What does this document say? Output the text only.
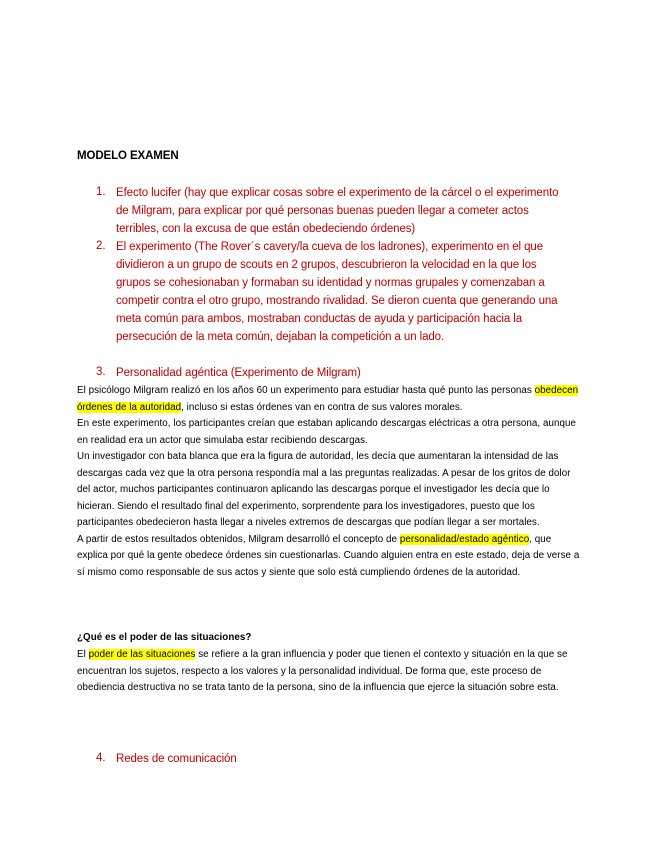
MODELO EXAMEN
1. Efecto lucifer (hay que explicar cosas sobre el experimento de la cárcel o el experimento de Milgram, para explicar por qué personas buenas pueden llegar a cometer actos terribles, con la excusa de que están obedeciendo órdenes)
2. El experimento (The Rover´s cavery/la cueva de los ladrones), experimento en el que dividieron a un grupo de scouts en 2 grupos, descubrieron la velocidad en la que los grupos se cohesionaban y formaban su identidad y normas grupales y comenzaban a competir contra el otro grupo, mostrando rivalidad. Se dieron cuenta que generando una meta común para ambos, mostraban conductas de ayuda y participación hacia la persecución de la meta común, dejaban la competición a un lado.
3. Personalidad agéntica (Experimento de Milgram)

El psicólogo Milgram realizó en los años 60 un experimento para estudiar hasta qué punto las personas obedecen órdenes de la autoridad, incluso si estas órdenes van en contra de sus valores morales.

En este experimento, los participantes creían que estaban aplicando descargas eléctricas a otra persona, aunque en realidad era un actor que simulaba estar recibiendo descargas.

Un investigador con bata blanca que era la figura de autoridad, les decía que aumentaran la intensidad de las descargas cada vez que la otra persona respondía mal a las preguntas realizadas. A pesar de los gritos de dolor del actor, muchos participantes continuaron aplicando las descargas porque el investigador les decía que lo hicieran. Siendo el resultado final del experimento, sorprendente para los investigadores, puesto que los participantes obedecieron hasta llegar a niveles extremos de descargas que podían llegar a ser mortales.

A partir de estos resultados obtenidos, Milgram desarrolló el concepto de personalidad/estado agéntico, que explica por qué la gente obedece órdenes sin cuestionarlas. Cuando alguien entra en este estado, deja de verse a sí mismo como responsable de sus actos y siente que solo está cumpliendo órdenes de la autoridad.

¿Qué es el poder de las situaciones?

El poder de las situaciones se refiere a la gran influencia y poder que tienen el contexto y situación en la que se encuentran los sujetos, respecto a los valores y la personalidad individual. De forma que, este proceso de obediencia destructiva no se trata tanto de la persona, sino de la influencia que ejerce la situación sobre esta.

4. Redes de comunicación
